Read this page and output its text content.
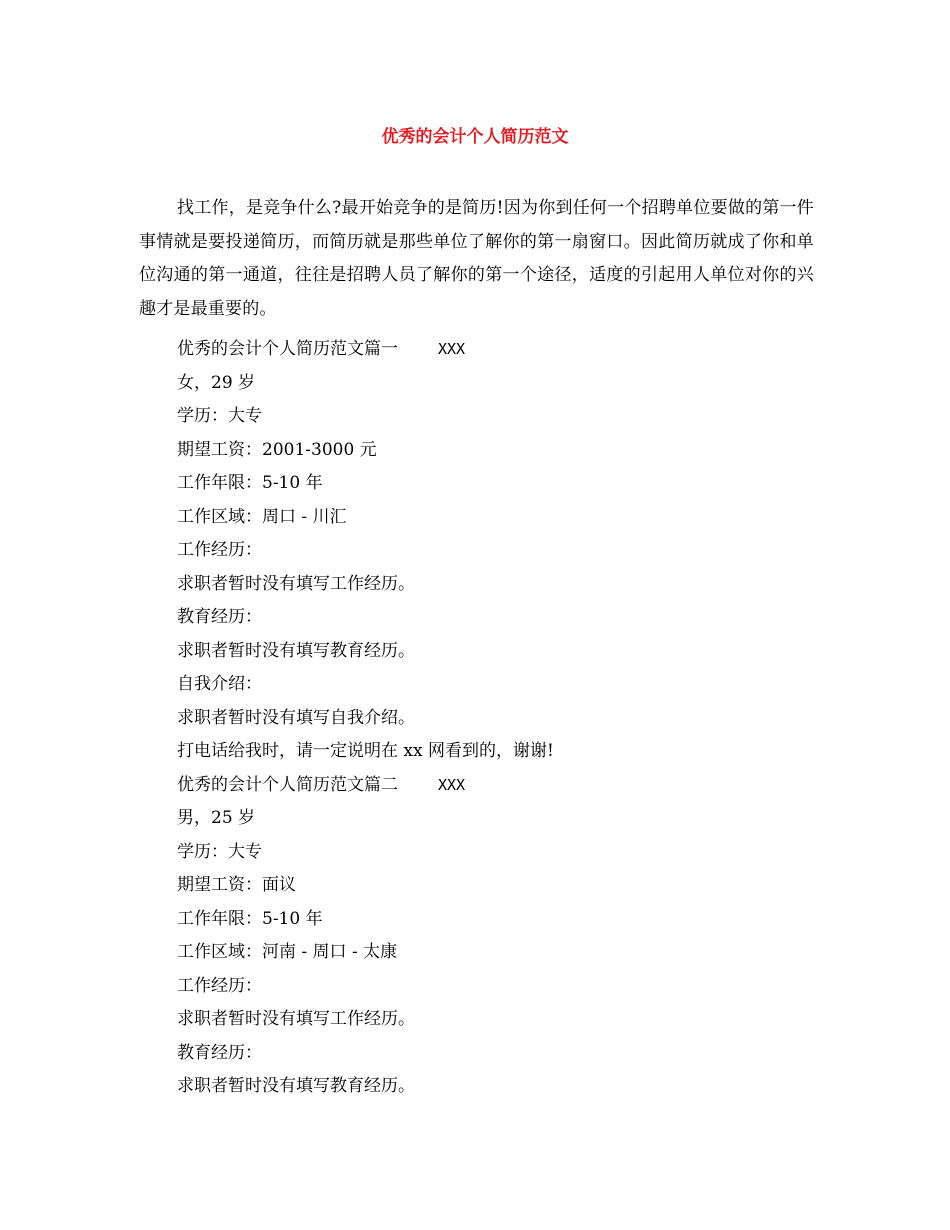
优秀的会计个人简历范文
找工作，是竞争什么?最开始竞争的是简历!因为你到任何一个招聘单位要做的第一件事情就是要投递简历，而简历就是那些单位了解你的第一扇窗口。因此简历就成了你和单位沟通的第一通道，往往是招聘人员了解你的第一个途径，适度的引起用人单位对你的兴趣才是最重要的。
优秀的会计个人简历范文篇一	XXX
女，29 岁
学历：大专
期望工资：2001-3000 元
工作年限：5-10 年
工作区域：周口 - 川汇
工作经历：
求职者暂时没有填写工作经历。
教育经历：
求职者暂时没有填写教育经历。
自我介绍：
求职者暂时没有填写自我介绍。
打电话给我时，请一定说明在 xx 网看到的，谢谢!
优秀的会计个人简历范文篇二	XXX
男，25 岁
学历：大专
期望工资：面议
工作年限：5-10 年
工作区域：河南 - 周口 - 太康
工作经历：
求职者暂时没有填写工作经历。
教育经历：
求职者暂时没有填写教育经历。
